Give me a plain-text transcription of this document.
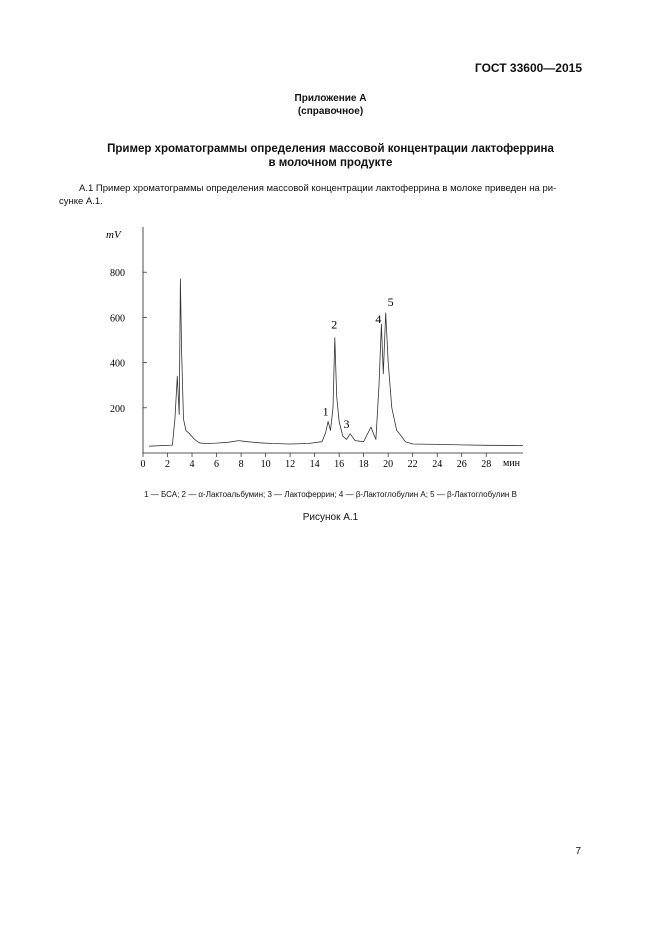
ГОСТ 33600—2015
Приложение А
(справочное)
Пример хроматограммы определения массовой концентрации лактоферрина
в молочном продукте
А.1 Пример хроматограммы определения массовой концентрации лактоферрина в молоке приведен на ри-
сунке А.1.
0 2 4 6 8 10 12 14 16 18 20 22 24 26 28
200
400
600
800
1
2
3
4
5
mV
мин
1 — БСА; 2 — α-Лактоальбумин; 3 — Лактоферрин; 4 — β-Лактоглобулин А; 5 — β-Лактоглобулин В
Рисунок А.1
7
